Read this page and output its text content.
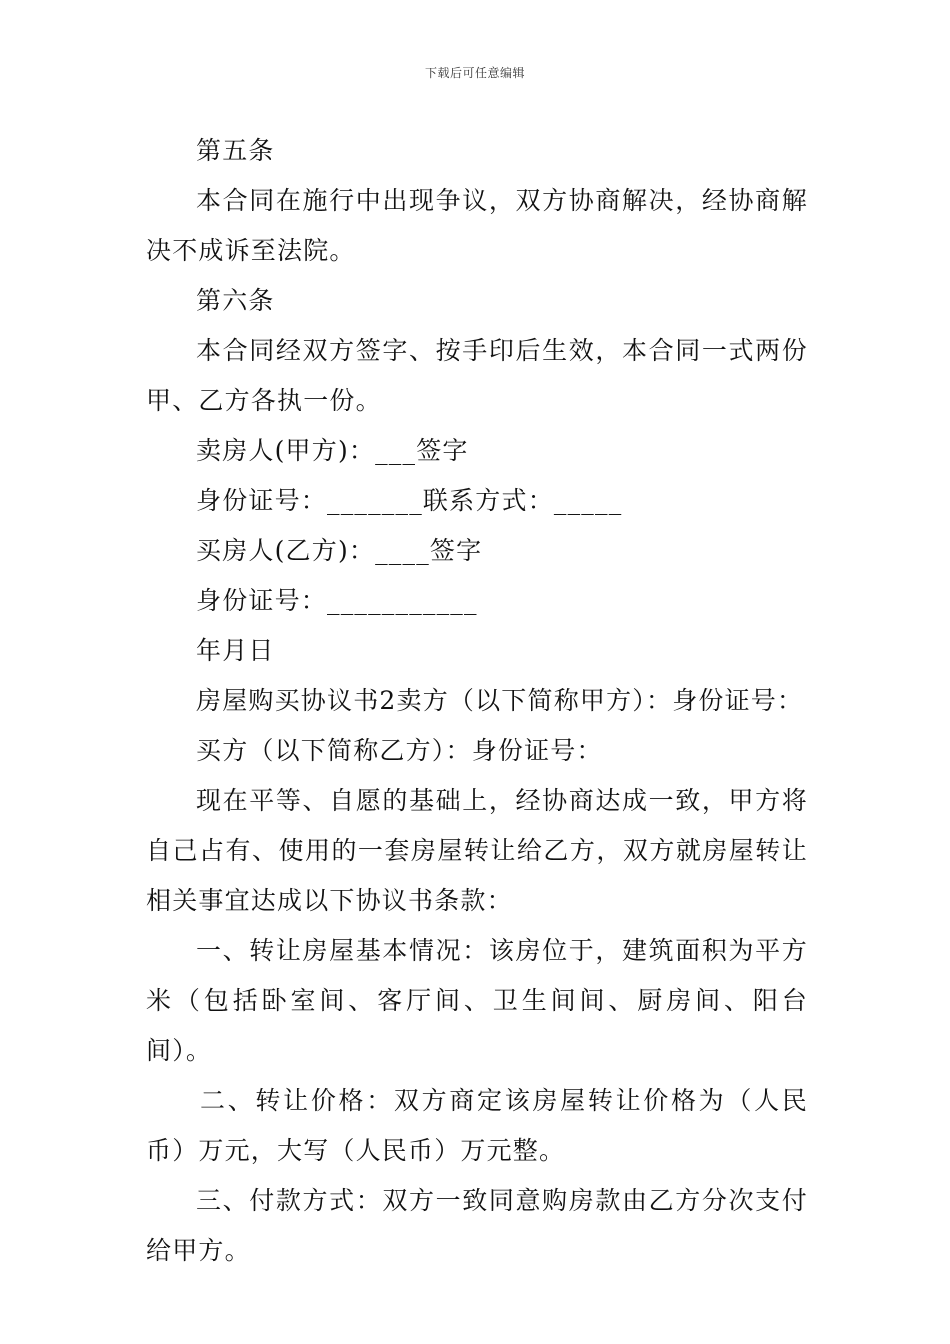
下载后可任意编辑

第五条

本合同在施行中出现争议，双方协商解决，经协商解决不成诉至法院。

第六条

本合同经双方签字、按手印后生效，本合同一式两份甲、乙方各执一份。

卖房人(甲方)：___签字

身份证号：_______联系方式：_____

买房人(乙方)：____签字

身份证号：___________

年月日

房屋购买协议书2卖方（以下简称甲方）：身份证号：

买方（以下简称乙方）：身份证号：

现在平等、自愿的基础上，经协商达成一致，甲方将自己占有、使用的一套房屋转让给乙方，双方就房屋转让相关事宜达成以下协议书条款：

一、转让房屋基本情况：该房位于，建筑面积为平方米（包括卧室间、客厅间、卫生间间、厨房间、阳台间）。

二、转让价格：双方商定该房屋转让价格为（人民币）万元，大写（人民币）万元整。

三、付款方式：双方一致同意购房款由乙方分次支付给甲方。
